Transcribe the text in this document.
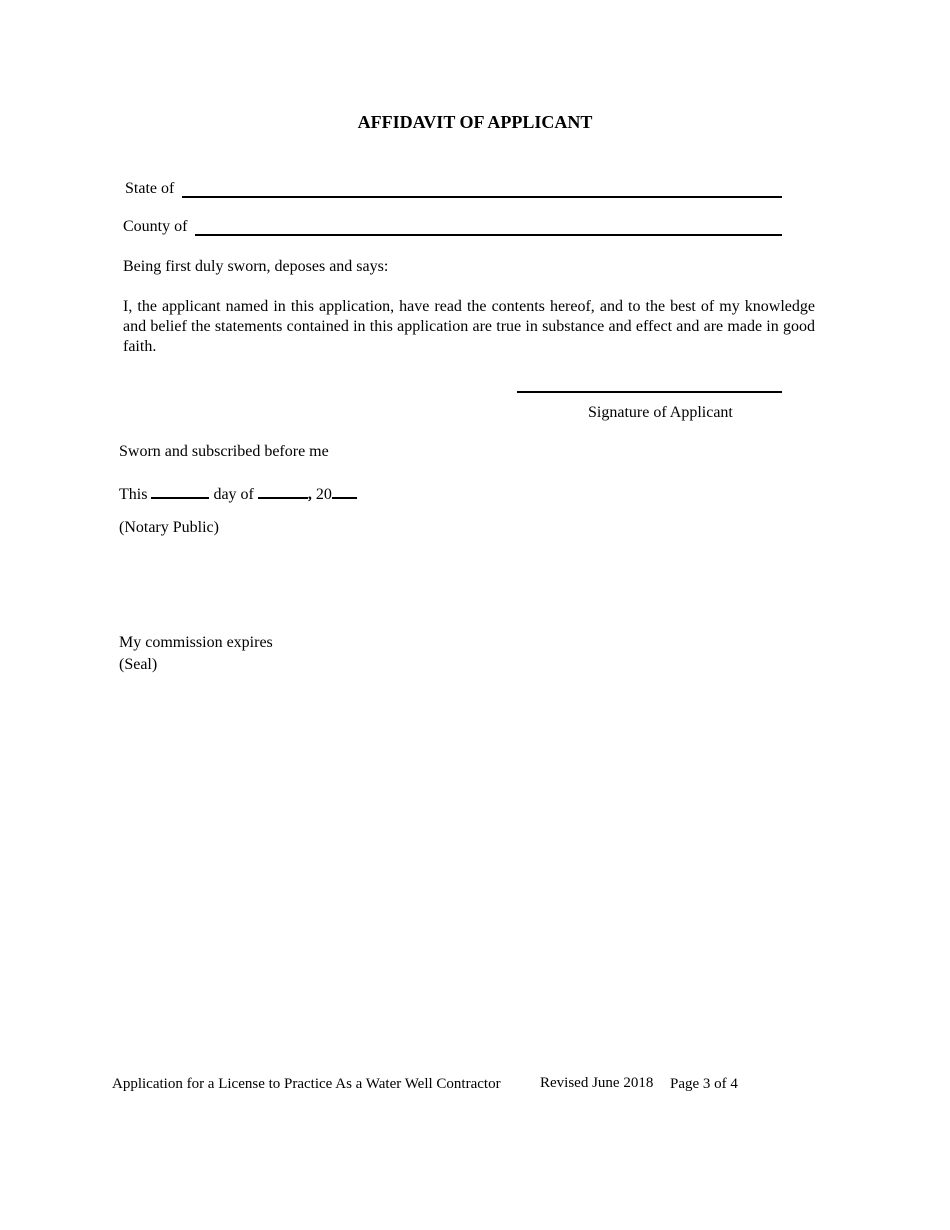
AFFIDAVIT OF APPLICANT
State of
County of
Being first duly sworn, deposes and says:
I, the applicant named in this application, have read the contents hereof, and to the best of my knowledge and belief the statements contained in this application are true in substance and effect and are made in good faith.
Signature of Applicant
Sworn and subscribed before me
This	day of	, 20
(Notary Public)
My commission expires
(Seal)
Application for a License to Practice As a Water Well Contractor	Revised June 2018 Page 3 of 4
